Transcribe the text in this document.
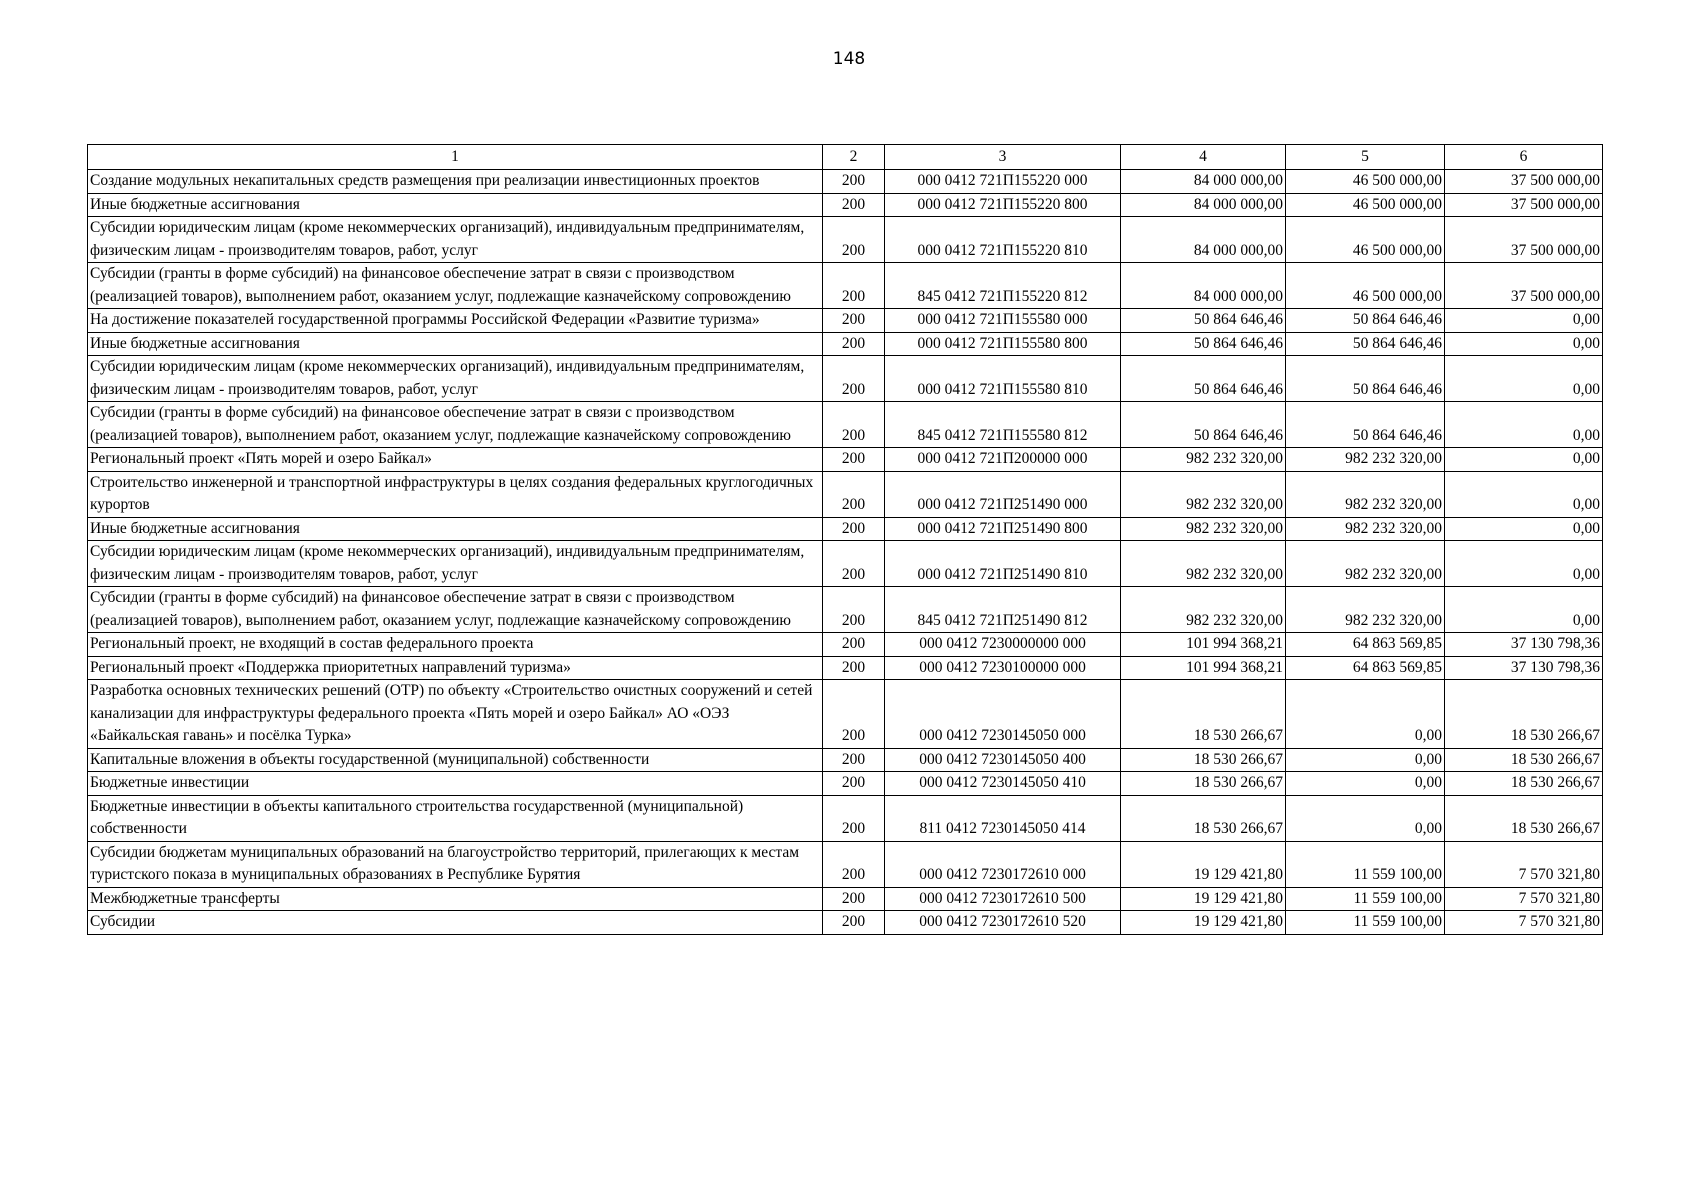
148
1	2	3	4	5	6
Создание модульных некапитальных средств размещения при реализации инвестиционных проектов	200	000 0412 721П155220 000	84 000 000,00	46 500 000,00	37 500 000,00
Иные бюджетные ассигнования	200	000 0412 721П155220 800	84 000 000,00	46 500 000,00	37 500 000,00
Субсидии юридическим лицам (кроме некоммерческих организаций), индивидуальным предпринимателям, физическим лицам - производителям товаров, работ, услуг	200	000 0412 721П155220 810	84 000 000,00	46 500 000,00	37 500 000,00
Субсидии (гранты в форме субсидий) на финансовое обеспечение затрат в связи с производством (реализацией товаров), выполнением работ, оказанием услуг, подлежащие казначейскому сопровождению	200	845 0412 721П155220 812	84 000 000,00	46 500 000,00	37 500 000,00
На достижение показателей государственной программы Российской Федерации «Развитие туризма»	200	000 0412 721П155580 000	50 864 646,46	50 864 646,46	0,00
Иные бюджетные ассигнования	200	000 0412 721П155580 800	50 864 646,46	50 864 646,46	0,00
Субсидии юридическим лицам (кроме некоммерческих организаций), индивидуальным предпринимателям, физическим лицам - производителям товаров, работ, услуг	200	000 0412 721П155580 810	50 864 646,46	50 864 646,46	0,00
Субсидии (гранты в форме субсидий) на финансовое обеспечение затрат в связи с производством (реализацией товаров), выполнением работ, оказанием услуг, подлежащие казначейскому сопровождению	200	845 0412 721П155580 812	50 864 646,46	50 864 646,46	0,00
Региональный проект «Пять морей и озеро Байкал»	200	000 0412 721П200000 000	982 232 320,00	982 232 320,00	0,00
Строительство инженерной и транспортной инфраструктуры в целях создания федеральных круглогодичных курортов	200	000 0412 721П251490 000	982 232 320,00	982 232 320,00	0,00
Иные бюджетные ассигнования	200	000 0412 721П251490 800	982 232 320,00	982 232 320,00	0,00
Субсидии юридическим лицам (кроме некоммерческих организаций), индивидуальным предпринимателям, физическим лицам - производителям товаров, работ, услуг	200	000 0412 721П251490 810	982 232 320,00	982 232 320,00	0,00
Субсидии (гранты в форме субсидий) на финансовое обеспечение затрат в связи с производством (реализацией товаров), выполнением работ, оказанием услуг, подлежащие казначейскому сопровождению	200	845 0412 721П251490 812	982 232 320,00	982 232 320,00	0,00
Региональный проект, не входящий в состав федерального проекта	200	000 0412 7230000000 000	101 994 368,21	64 863 569,85	37 130 798,36
Региональный проект «Поддержка приоритетных направлений туризма»	200	000 0412 7230100000 000	101 994 368,21	64 863 569,85	37 130 798,36
Разработка основных технических решений (ОТР) по объекту «Строительство очистных сооружений и сетей канализации для инфраструктуры федерального проекта «Пять морей и озеро Байкал» АО «ОЭЗ «Байкальская гавань» и посёлка Турка»	200	000 0412 7230145050 000	18 530 266,67	0,00	18 530 266,67
Капитальные вложения в объекты государственной (муниципальной) собственности	200	000 0412 7230145050 400	18 530 266,67	0,00	18 530 266,67
Бюджетные инвестиции	200	000 0412 7230145050 410	18 530 266,67	0,00	18 530 266,67
Бюджетные инвестиции в объекты капитального строительства государственной (муниципальной) собственности	200	811 0412 7230145050 414	18 530 266,67	0,00	18 530 266,67
Субсидии бюджетам муниципальных образований на благоустройство территорий, прилегающих к местам туристского показа в муниципальных образованиях в Республике Бурятия	200	000 0412 7230172610 000	19 129 421,80	11 559 100,00	7 570 321,80
Межбюджетные трансферты	200	000 0412 7230172610 500	19 129 421,80	11 559 100,00	7 570 321,80
Субсидии	200	000 0412 7230172610 520	19 129 421,80	11 559 100,00	7 570 321,80
